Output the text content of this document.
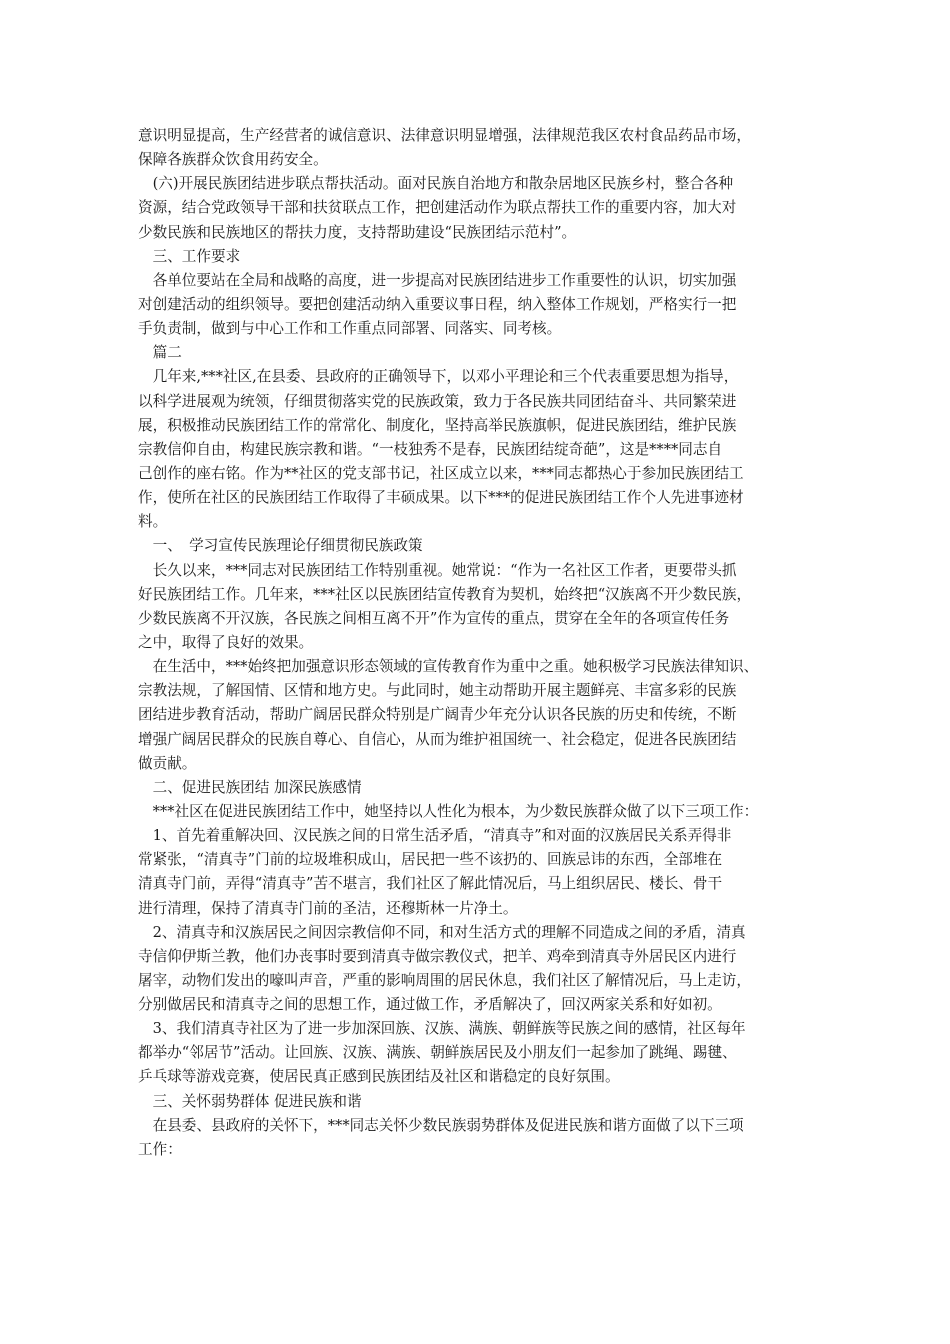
意识明显提高，生产经营者的诚信意识、法律意识明显增强，法律规范我区农村食品药品市场，
保障各族群众饮食用药安全。
　(六)开展民族团结进步联点帮扶活动。面对民族自治地方和散杂居地区民族乡村，整合各种
资源，结合党政领导干部和扶贫联点工作，把创建活动作为联点帮扶工作的重要内容，加大对
少数民族和民族地区的帮扶力度，支持帮助建设“民族团结示范村”。
　三、工作要求
　各单位要站在全局和战略的高度，进一步提高对民族团结进步工作重要性的认识，切实加强
对创建活动的组织领导。要把创建活动纳入重要议事日程，纳入整体工作规划，严格实行一把
手负责制，做到与中心工作和工作重点同部署、同落实、同考核。
　篇二
　几年来,***社区,在县委、县政府的正确领导下，以邓小平理论和三个代表重要思想为指导，
以科学进展观为统领，仔细贯彻落实党的民族政策，致力于各民族共同团结奋斗、共同繁荣进
展，积极推动民族团结工作的常常化、制度化，坚持高举民族旗帜，促进民族团结，维护民族
宗教信仰自由，构建民族宗教和谐。“一枝独秀不是春，民族团结绽奇葩”，这是****同志自
己创作的座右铭。作为**社区的党支部书记，社区成立以来，***同志都热心于参加民族团结工
作，使所在社区的民族团结工作取得了丰硕成果。以下***的促进民族团结工作个人先进事迹材
料。
　一、　学习宣传民族理论仔细贯彻民族政策
　长久以来，***同志对民族团结工作特别重视。她常说：“作为一名社区工作者，更要带头抓
好民族团结工作。几年来，***社区以民族团结宣传教育为契机，始终把“汉族离不开少数民族，
少数民族离不开汉族，各民族之间相互离不开”作为宣传的重点，贯穿在全年的各项宣传任务
之中，取得了良好的效果。
　在生活中，***始终把加强意识形态领域的宣传教育作为重中之重。她积极学习民族法律知识、
宗教法规，了解国情、区情和地方史。与此同时，她主动帮助开展主题鲜亮、丰富多彩的民族
团结进步教育活动，帮助广阔居民群众特别是广阔青少年充分认识各民族的历史和传统，不断
增强广阔居民群众的民族自尊心、自信心，从而为维护祖国统一、社会稳定，促进各民族团结
做贡献。
　二、促进民族团结 加深民族感情
　***社区在促进民族团结工作中，她坚持以人性化为根本，为少数民族群众做了以下三项工作：
　1、首先着重解决回、汉民族之间的日常生活矛盾，“清真寺”和对面的汉族居民关系弄得非
常紧张，“清真寺”门前的垃圾堆积成山，居民把一些不该扔的、回族忌讳的东西，全部堆在
清真寺门前，弄得“清真寺”苦不堪言，我们社区了解此情况后，马上组织居民、楼长、骨干
进行清理，保持了清真寺门前的圣洁，还穆斯林一片净土。
　2、清真寺和汉族居民之间因宗教信仰不同，和对生活方式的理解不同造成之间的矛盾，清真
寺信仰伊斯兰教，他们办丧事时要到清真寺做宗教仪式，把羊、鸡牵到清真寺外居民区内进行
屠宰，动物们发出的嚎叫声音，严重的影响周围的居民休息，我们社区了解情况后，马上走访，
分别做居民和清真寺之间的思想工作，通过做工作，矛盾解决了，回汉两家关系和好如初。
　3、我们清真寺社区为了进一步加深回族、汉族、满族、朝鲜族等民族之间的感情，社区每年
都举办“邻居节”活动。让回族、汉族、满族、朝鲜族居民及小朋友们一起参加了跳绳、踢毽、
乒乓球等游戏竞赛，使居民真正感到民族团结及社区和谐稳定的良好氛围。
　三、关怀弱势群体 促进民族和谐
　在县委、县政府的关怀下，***同志关怀少数民族弱势群体及促进民族和谐方面做了以下三项
工作：
